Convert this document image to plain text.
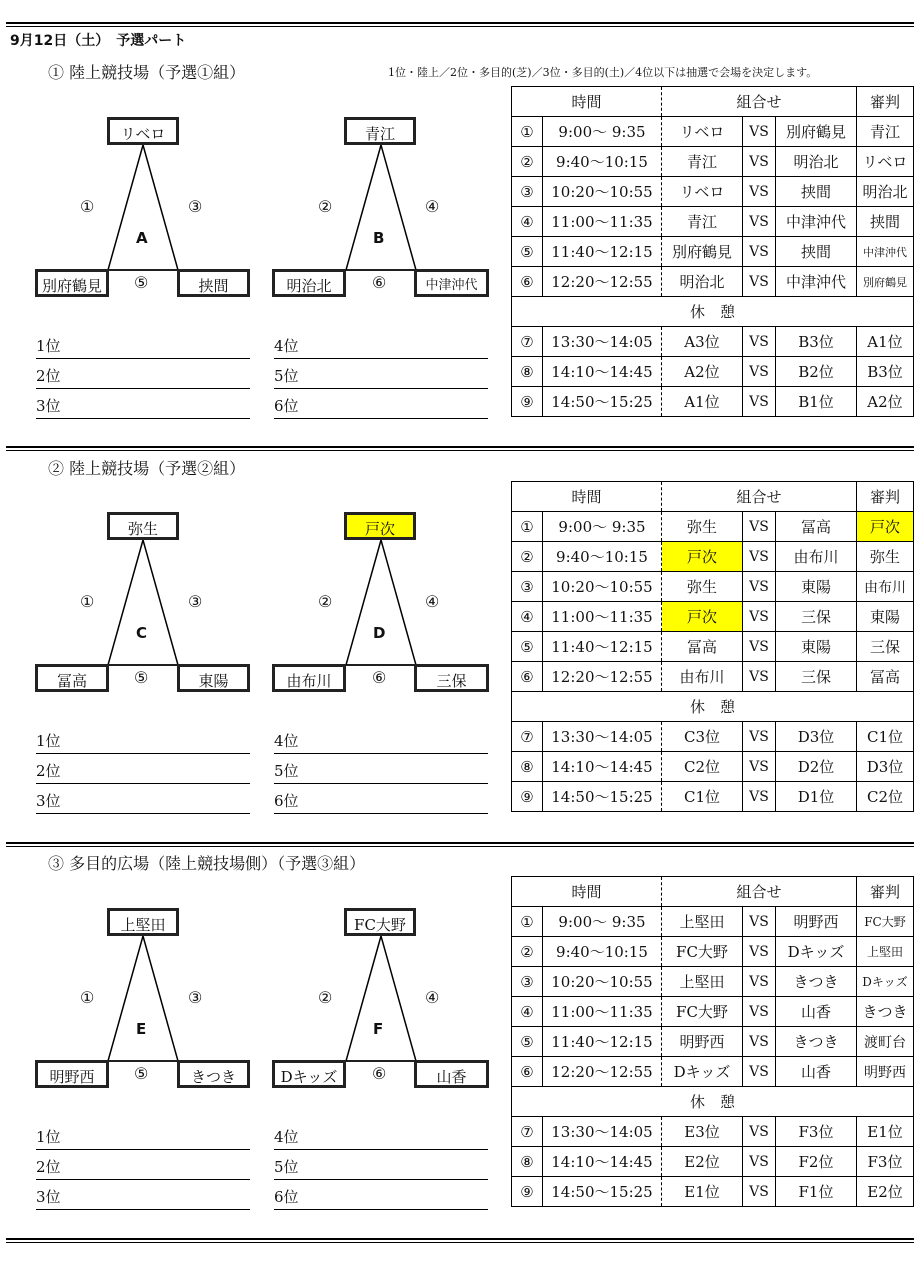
9月12日（土）　予選パート
1位・陸上／2位・多目的(芝)／3位・多目的(土)／4位以下は抽選で会場を決定します。
① 陸上競技場（予選①組）
リベロ
別府鶴見	挟間
①	③
⑤
A
青江
明治北	中津沖代
②	④
⑥
B
1位
2位
3位
4位
5位
6位
時間		組合せ			審判
①	9:00～ 9:35	リベロ	VS	別府鶴見	青江
②	9:40～10:15	青江	VS	明治北	リベロ
③	10:20～10:55	リベロ	VS	挟間	明治北
④	11:00～11:35	青江	VS	中津沖代	挟間
⑤	11:40～12:15	別府鶴見	VS	挟間	中津沖代
⑥	12:20～12:55	明治北	VS	中津沖代	別府鶴見
休　憩					
⑦	13:30～14:05	A3位	VS	B3位	A1位
⑧	14:10～14:45	A2位	VS	B2位	B3位
⑨	14:50～15:25	A1位	VS	B1位	A2位
② 陸上競技場（予選②組）
弥生
冨高	東陽
①	③
⑤
C
戸次
由布川	三保
②	④
⑥
D
1位
2位
3位
4位
5位
6位
時間		組合せ			審判
①	9:00～ 9:35	弥生	VS	冨高	戸次
②	9:40～10:15	戸次	VS	由布川	弥生
③	10:20～10:55	弥生	VS	東陽	由布川
④	11:00～11:35	戸次	VS	三保	東陽
⑤	11:40～12:15	冨高	VS	東陽	三保
⑥	12:20～12:55	由布川	VS	三保	冨高
休　憩					
⑦	13:30～14:05	C3位	VS	D3位	C1位
⑧	14:10～14:45	C2位	VS	D2位	D3位
⑨	14:50～15:25	C1位	VS	D1位	C2位
③ 多目的広場（陸上競技場側）（予選③組）
上堅田
明野西	きつき
①	③
⑤
E
FC大野
Dキッズ	山香
②	④
⑥
F
1位
2位
3位
4位
5位
6位
時間		組合せ			審判
①	9:00～ 9:35	上堅田	VS	明野西	FC大野
②	9:40～10:15	FC大野	VS	Dキッズ	上堅田
③	10:20～10:55	上堅田	VS	きつき	Dキッズ
④	11:00～11:35	FC大野	VS	山香	きつき
⑤	11:40～12:15	明野西	VS	きつき	渡町台
⑥	12:20～12:55	Dキッズ	VS	山香	明野西
休　憩					
⑦	13:30～14:05	E3位	VS	F3位	E1位
⑧	14:10～14:45	E2位	VS	F2位	F3位
⑨	14:50～15:25	E1位	VS	F1位	E2位
